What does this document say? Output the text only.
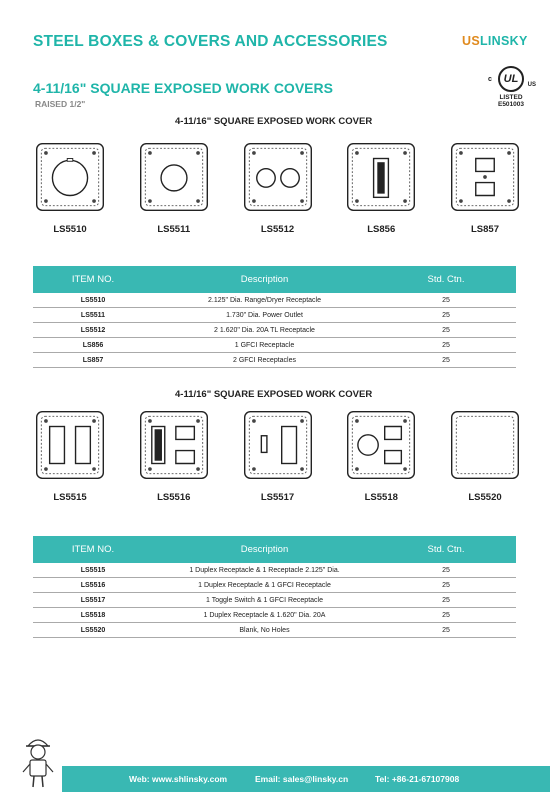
STEEL BOXES & COVERS AND ACCESSORIES	USLINSKY
c UL US
LISTED
E501003
4-11/16" SQUARE EXPOSED WORK COVERS
RAISED 1/2"
4-11/16" SQUARE EXPOSED WORK COVER
LS5510	LS5511	LS5512	LS856	LS857
ITEM NO.	Description	Std. Ctn.
LS5510	2.125" Dia. Range/Dryer Receptacle	25
LS5511	1.730" Dia. Power Outlet	25
LS5512	2 1.620" Dia. 20A TL Receptacle	25
LS856	1 GFCI Receptacle	25
LS857	2 GFCI Receptacles	25
4-11/16" SQUARE EXPOSED WORK COVER
LS5515	LS5516	LS5517	LS5518	LS5520
ITEM NO.	Description	Std. Ctn.
LS5515	1 Duplex Receptacle & 1 Receptacle 2.125" Dia.	25
LS5516	1 Duplex Receptacle & 1 GFCI Receptacle	25
LS5517	1 Toggle Switch & 1 GFCI Receptacle	25
LS5518	1 Duplex Receptacle & 1.620" Dia. 20A	25
LS5520	Blank, No Holes	25
Web: www.shlinsky.com	Email: sales@linsky.cn	Tel: +86-21-67107908
